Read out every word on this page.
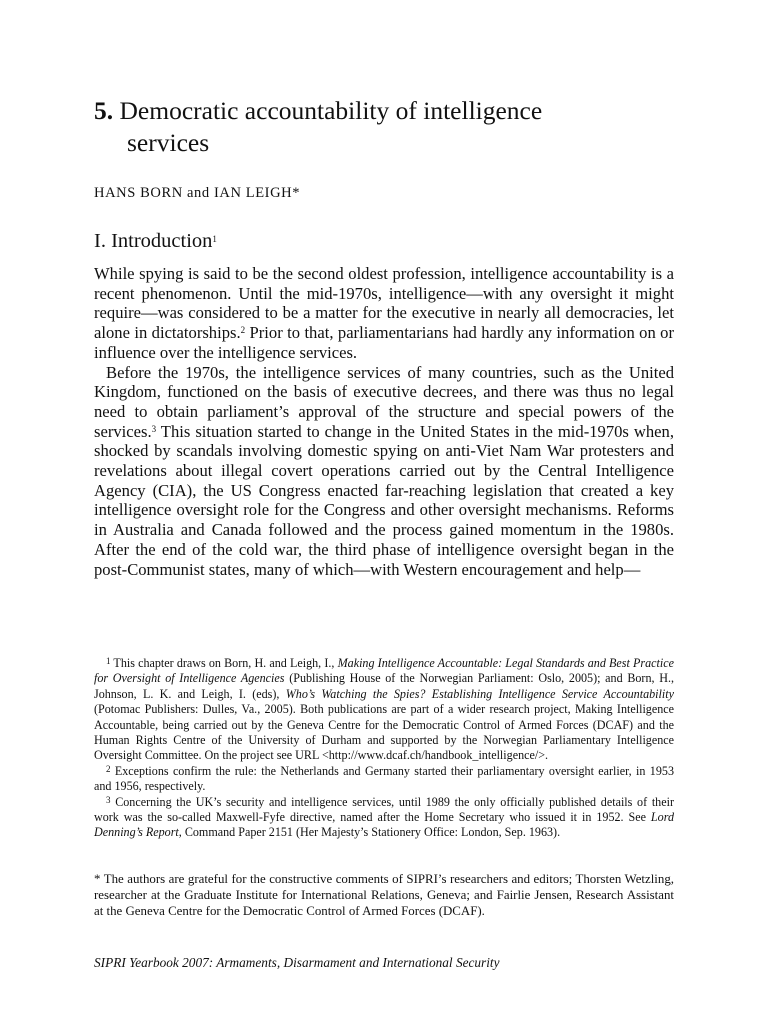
5. Democratic accountability of intelligence
services
HANS BORN and IAN LEIGH*
I. Introduction$^1$

While spying is said to be the second oldest profession, intelligence accountability is a recent phenomenon. Until the mid-1970s, intelligence—with any oversight it might require—was considered to be a matter for the executive in nearly all democracies, let alone in dictatorships.$^2$ Prior to that, parliamentarians had hardly any information on or influence over the intelligence services.

Before the 1970s, the intelligence services of many countries, such as the United Kingdom, functioned on the basis of executive decrees, and there was thus no legal need to obtain parliament’s approval of the structure and special powers of the services.$^3$ This situation started to change in the United States in the mid-1970s when, shocked by scandals involving domestic spying on anti-Viet Nam War protesters and revelations about illegal covert operations carried out by the Central Intelligence Agency (CIA), the US Congress enacted far-reaching legislation that created a key intelligence oversight role for the Congress and other oversight mechanisms. Reforms in Australia and Canada followed and the process gained momentum in the 1980s. After the end of the cold war, the third phase of intelligence oversight began in the post-Communist states, many of which—with Western encouragement and help—

$^1$ This chapter draws on Born, H. and Leigh, I., Making Intelligence Accountable: Legal Standards and Best Practice for Oversight of Intelligence Agencies (Publishing House of the Norwegian Parliament: Oslo, 2005); and Born, H., Johnson, L. K. and Leigh, I. (eds), Who’s Watching the Spies? Establishing Intelligence Service Accountability (Potomac Publishers: Dulles, Va., 2005). Both publications are part of a wider research project, Making Intelligence Accountable, being carried out by the Geneva Centre for the Democratic Control of Armed Forces (DCAF) and the Human Rights Centre of the University of Durham and supported by the Norwegian Parliamentary Intelligence Oversight Committee. On the project see URL <http://www.dcaf.ch/handbook_intelligence/>.

$^2$ Exceptions confirm the rule: the Netherlands and Germany started their parliamentary oversight earlier, in 1953 and 1956, respectively.

$^3$ Concerning the UK’s security and intelligence services, until 1989 the only officially published details of their work was the so-called Maxwell-Fyfe directive, named after the Home Secretary who issued it in 1952. See Lord Denning’s Report, Command Paper 2151 (Her Majesty’s Stationery Office: London, Sep. 1963).

* The authors are grateful for the constructive comments of SIPRI’s researchers and editors; Thorsten Wetzling, researcher at the Graduate Institute for International Relations, Geneva; and Fairlie Jensen, Research Assistant at the Geneva Centre for the Democratic Control of Armed Forces (DCAF).

SIPRI Yearbook 2007: Armaments, Disarmament and International Security
